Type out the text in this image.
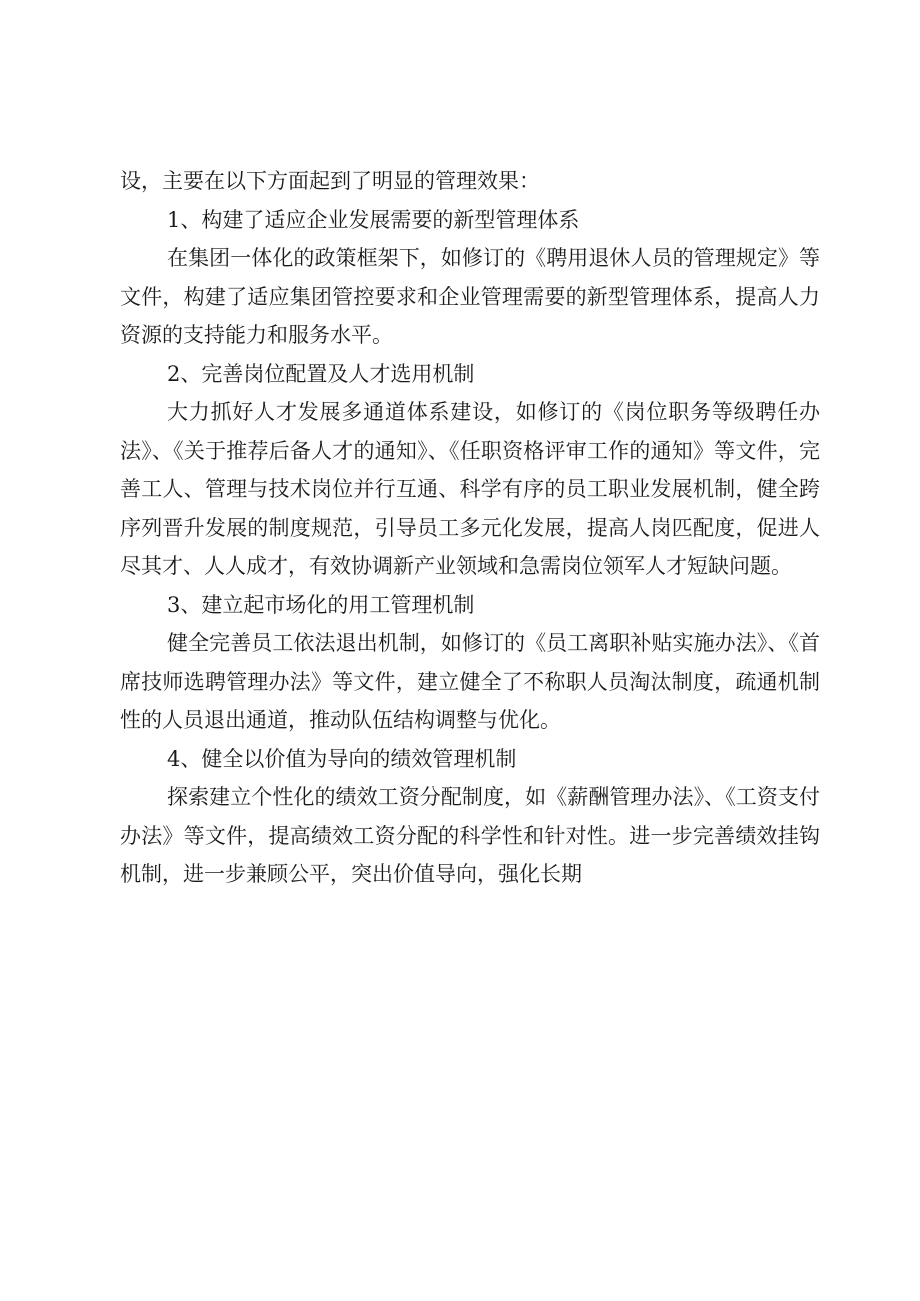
设，主要在以下方面起到了明显的管理效果：

1、构建了适应企业发展需要的新型管理体系

在集团一体化的政策框架下，如修订的《聘用退休人员的管理规定》等文件，构建了适应集团管控要求和企业管理需要的新型管理体系，提高人力资源的支持能力和服务水平。

2、完善岗位配置及人才选用机制

大力抓好人才发展多通道体系建设，如修订的《岗位职务等级聘任办法》、《关于推荐后备人才的通知》、《任职资格评审工作的通知》等文件，完善工人、管理与技术岗位并行互通、科学有序的员工职业发展机制，健全跨序列晋升发展的制度规范，引导员工多元化发展，提高人岗匹配度，促进人尽其才、人人成才，有效协调新产业领域和急需岗位领军人才短缺问题。

3、建立起市场化的用工管理机制

健全完善员工依法退出机制，如修订的《员工离职补贴实施办法》、《首席技师选聘管理办法》等文件，建立健全了不称职人员淘汰制度，疏通机制性的人员退出通道，推动队伍结构调整与优化。

4、健全以价值为导向的绩效管理机制

探索建立个性化的绩效工资分配制度，如《薪酬管理办法》、《工资支付办法》等文件，提高绩效工资分配的科学性和针对性。进一步完善绩效挂钩机制，进一步兼顾公平，突出价值导向，强化长期
